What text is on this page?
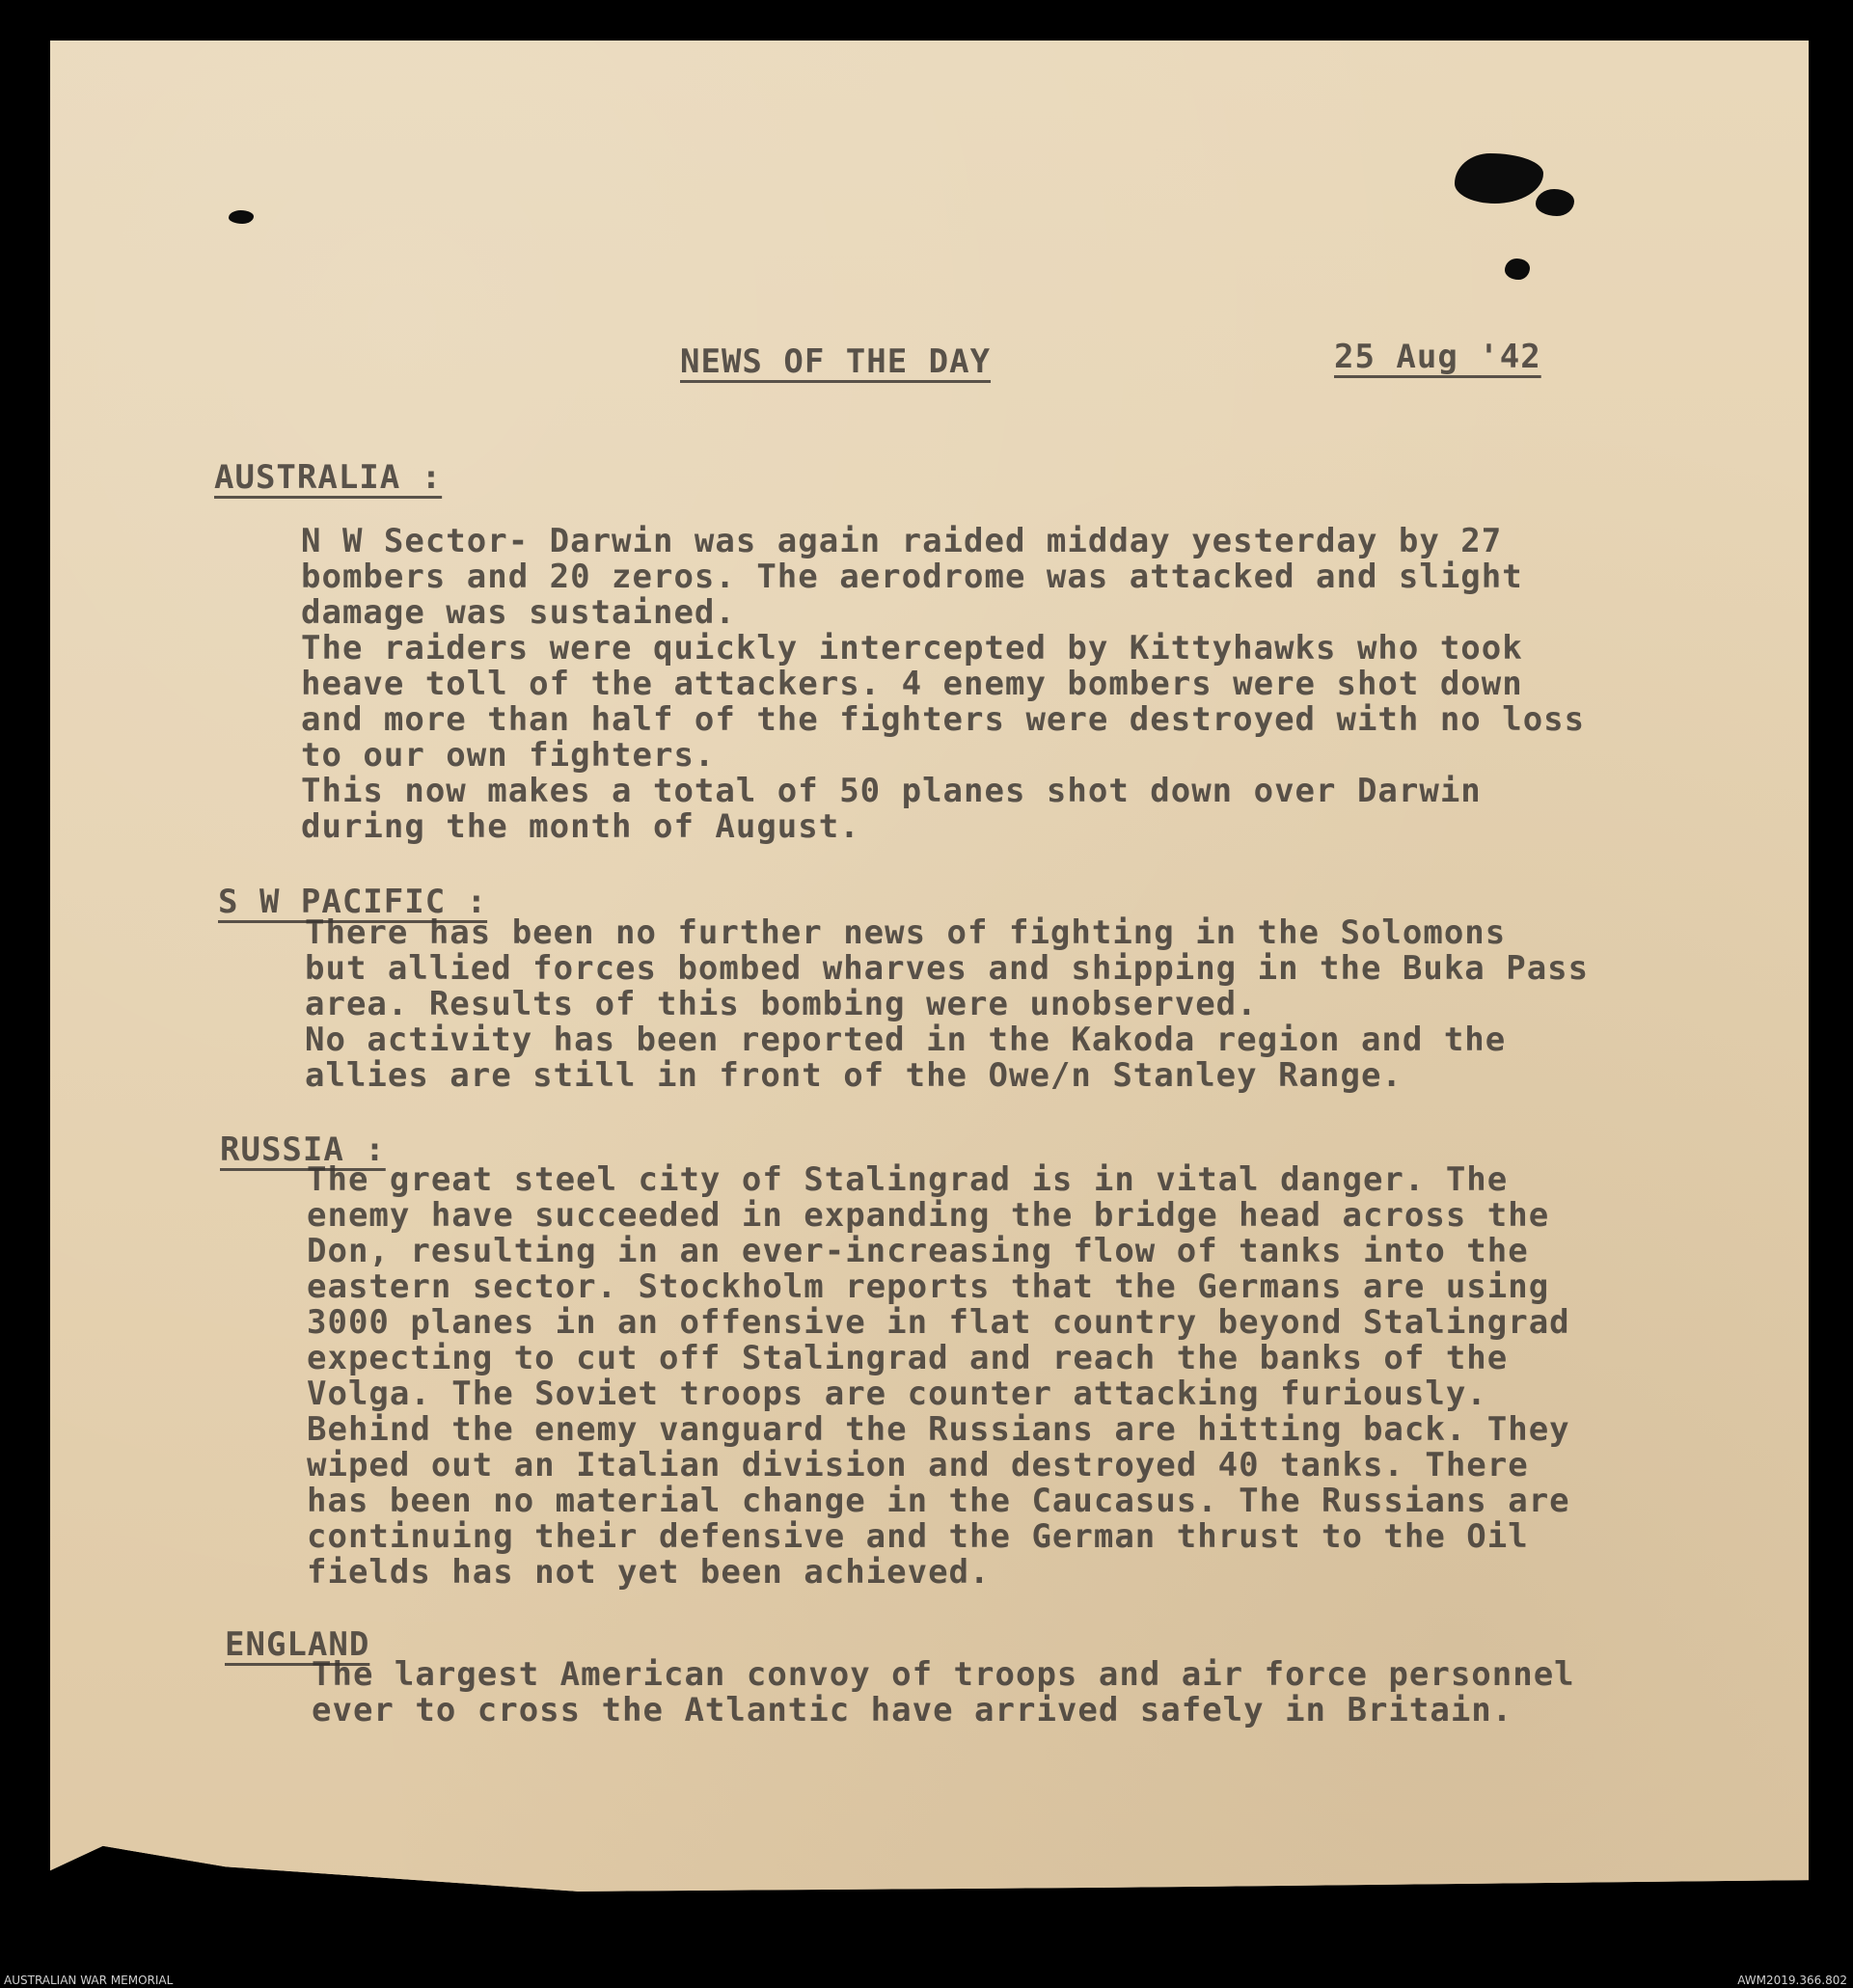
NEWS OF THE DAY	25 Aug '42
AUSTRALIA :
N W Sector- Darwin was again raided midday yesterday by 27
bombers and 20 zeros. The aerodrome was attacked and slight
damage was sustained.
The raiders were quickly intercepted by Kittyhawks who took
heave toll of the attackers. 4 enemy bombers were shot down
and more than half of the fighters were destroyed with no loss
to our own fighters.
This now makes a total of 50 planes shot down over Darwin
during the month of August.
S W PACIFIC :
There has been no further news of fighting in the Solomons
but allied forces bombed wharves and shipping in the Buka Pass
area. Results of this bombing were unobserved.
No activity has been reported in the Kakoda region and the
allies are still in front of the Owe/n Stanley Range.
RUSSIA :
The great steel city of Stalingrad is in vital danger. The
enemy have succeeded in expanding the bridge head across the
Don, resulting in an ever-increasing flow of tanks into the
eastern sector. Stockholm reports that the Germans are using
3000 planes in an offensive in flat country beyond Stalingrad
expecting to cut off Stalingrad and reach the banks of the
Volga. The Soviet troops are counter attacking furiously.
Behind the enemy vanguard the Russians are hitting back. They
wiped out an Italian division and destroyed 40 tanks. There
has been no material change in the Caucasus. The Russians are
continuing their defensive and the German thrust to the Oil
fields has not yet been achieved.
ENGLAND
The largest American convoy of troops and air force personnel
ever to cross the Atlantic have arrived safely in Britain.
AUSTRALIAN WAR MEMORIAL	AWM2019.366.802
